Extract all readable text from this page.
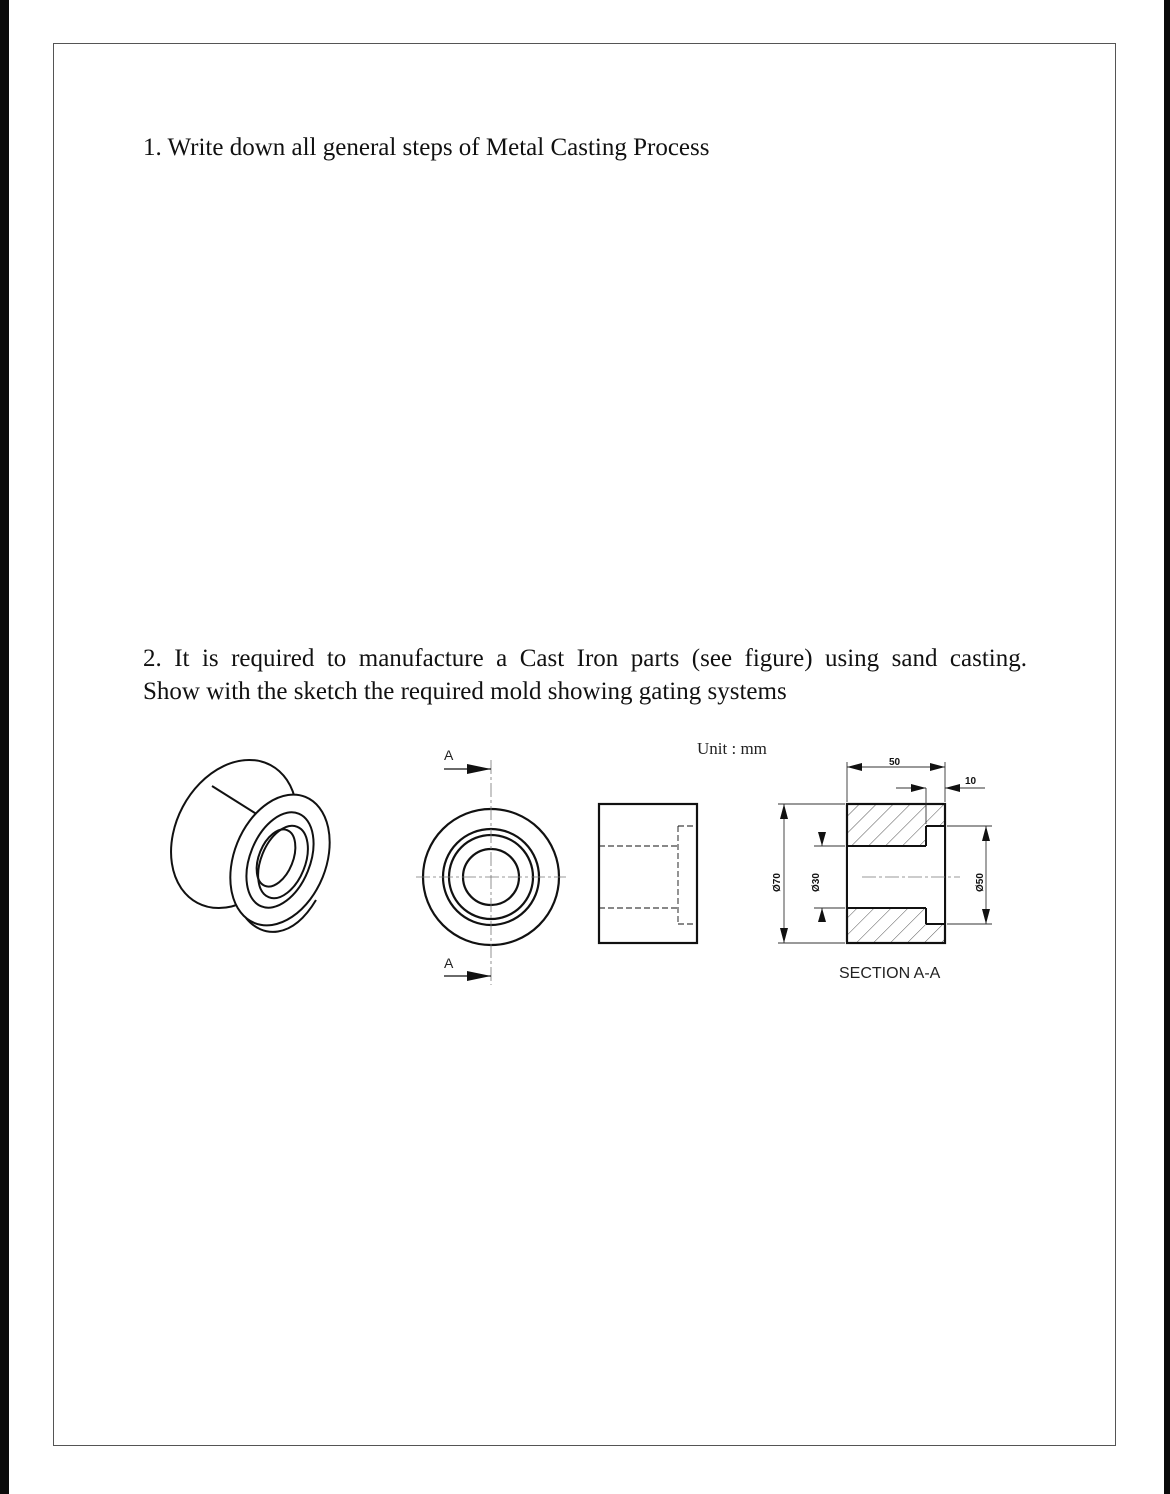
1. Write down all general steps of Metal Casting Process
2. It is required to manufacture a Cast Iron parts (see figure) using sand casting.
Show with the sketch the required mold showing gating systems
A
A
Unit : mm
50
10
Ø70	Ø30	Ø50
SECTION A-A
